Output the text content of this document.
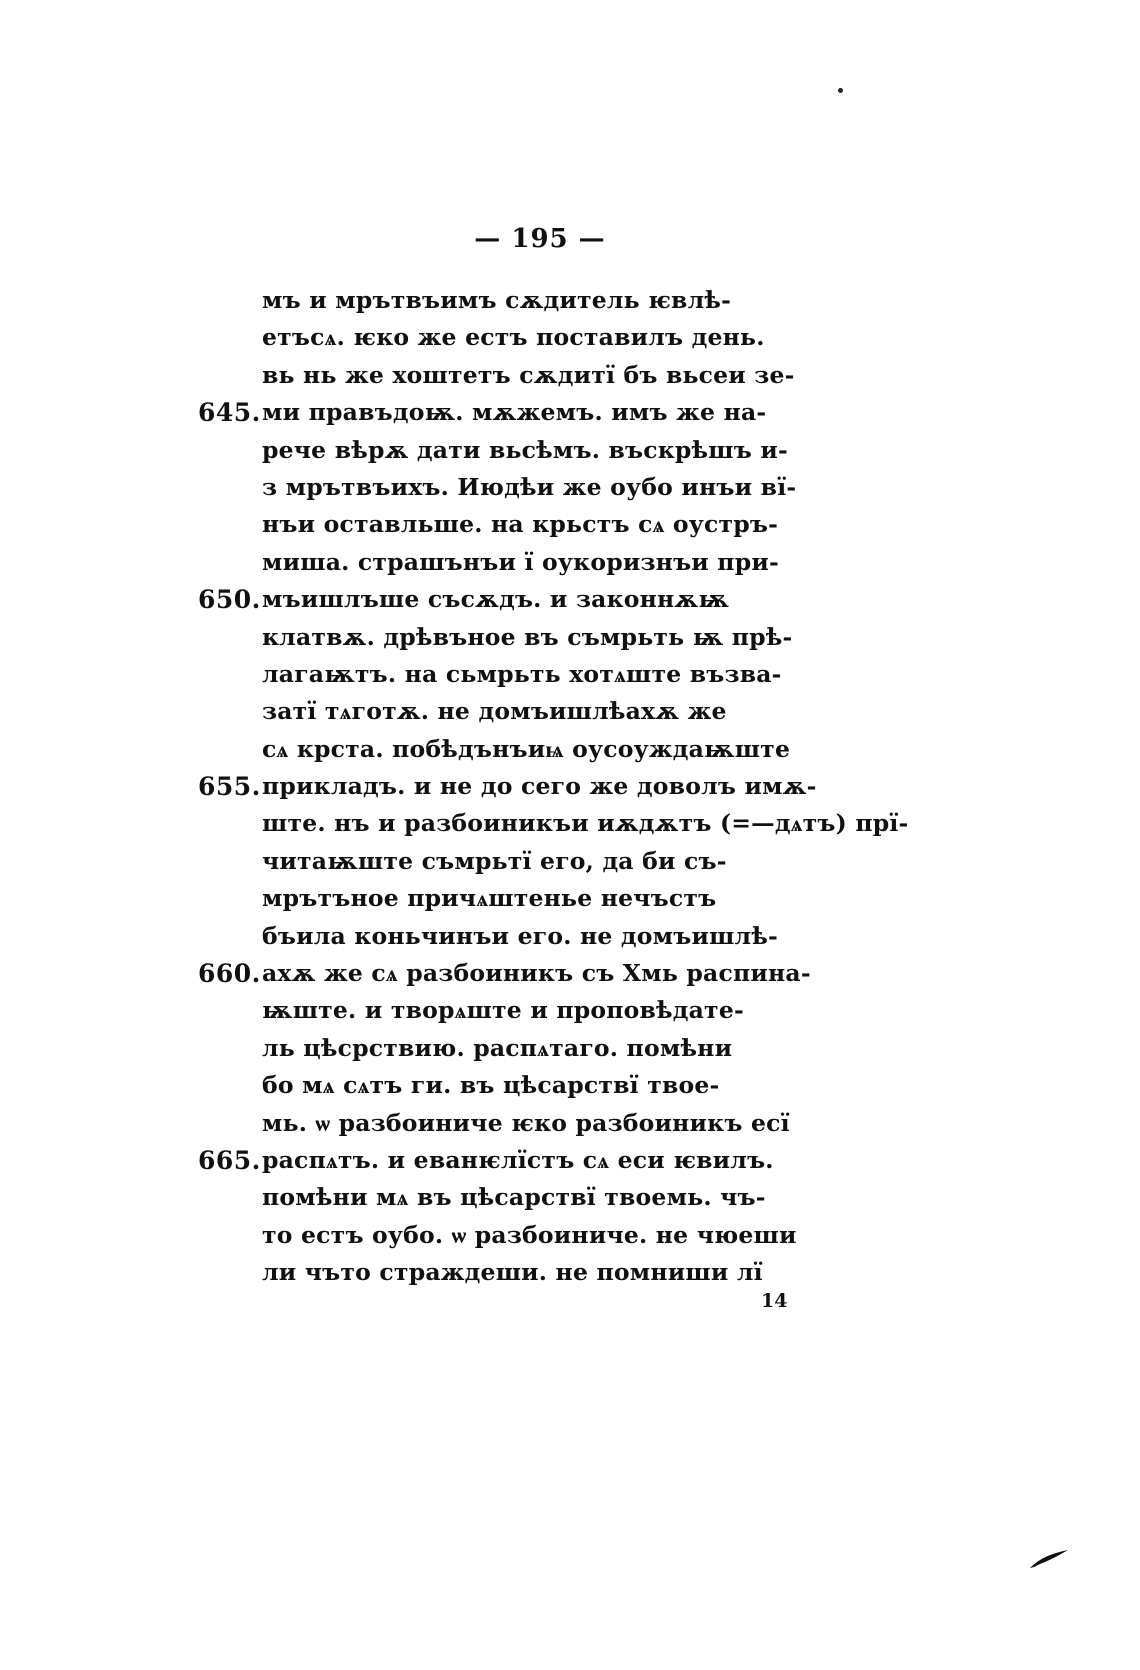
— 195 —
мъ и мрътвъимъ сѫдитель ѥвлѣ-
етъсѧ. ѥко же естъ поставилъ день.
вь нь же хоштетъ сѫдитї бъ вьсеи зе-
645. ми правъдоѭ. мѫжемъ. имъ же на-
рече вѣрѫ дати вьсѣмъ. въскрѣшъ и-
з мрътвъихъ. Июдѣи же оубо инъи вї-
нъи оставльше. на крьстъ сѧ оустръ-
миша. страшънъи ї оукоризнъи при-
650. мъишлъше съсѫдъ. и законнѫѭ
клатвѫ. дрѣвъное въ съмрьть ѭ прѣ-
лагаѭтъ. на сьмрьть хотѧште възва-
затї тѧготѫ. не домъишлѣахѫ же
сѧ крста. побѣдънъиѩ оусоуждаѭште
655. прикладъ. и не до сего же доволъ имѫ-
ште. нъ и разбоиникъи иѫдѫтъ (=—дѧтъ) прї-
читаѭште съмрьтї его, да би съ-
мрътъное причѧштенье нечъстъ
бъила коньчинъи его. не домъишлѣ-
660. ахѫ же сѧ разбоиникъ съ Хмь распина-
ѭште. и творѧште и проповѣдате-
ль цѣсрствию. распѧтаго. помѣни
бо мѧ сѧтъ ги. въ цѣсарствї твое-
мь. ѡ разбоиниче ѥко разбоиникъ есї
665. распѧтъ. и еванѥлїстъ сѧ еси ѥвилъ.
помѣни мѧ въ цѣсарствї твоемь. чъ-
то естъ оубо. ѡ разбоиниче. не чюеши
ли чъто страждеши. не помниши лї
14
